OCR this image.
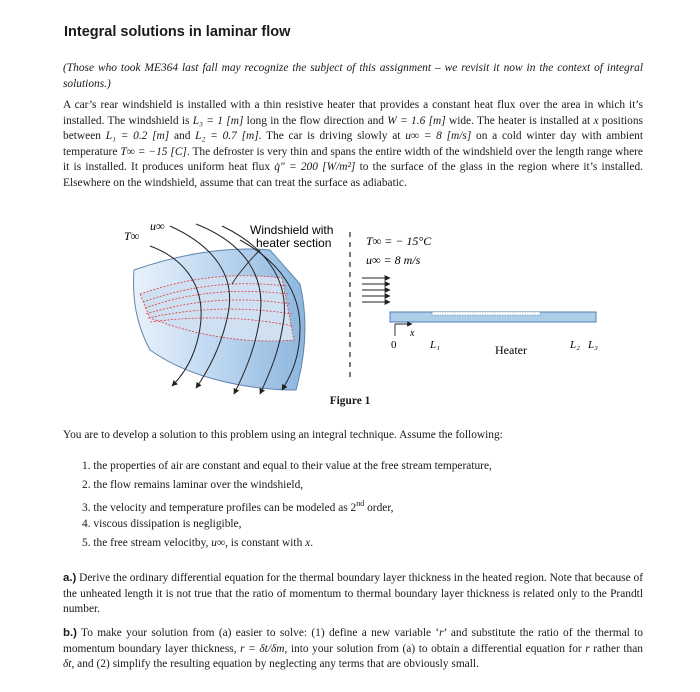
Integral solutions in laminar flow
(Those who took ME364 last fall may recognize the subject of this assignment – we revisit it now in the context of integral solutions.)
A car’s rear windshield is installed with a thin resistive heater that provides a constant heat flux over the area in which it’s installed. The windshield is L₃ = 1 [m] long in the flow direction and W = 1.6 [m] wide. The heater is installed at x positions between L₁ = 0.2 [m] and L₂ = 0.7 [m]. The car is driving slowly at u∞ = 8 [m/s] on a cold winter day with ambient temperature T∞ = −15 [C]. The defroster is very thin and spans the entire width of the windshield over the length range where it is installed. It produces uniform heat flux q̇″ = 200 [W/m²] to the surface of the glass in the region where it’s installed. Elsewhere on the windshield, assume that can treat the surface as adiabatic.
T∞
u∞	Windshield with
heater section	T∞ = − 15°C
u∞ = 8 m/s
0
x
L₁	Heater	L₂ L₃
Figure 1
You are to develop a solution to this problem using an integral technique. Assume the following:
1. the properties of air are constant and equal to their value at the free stream temperature,
2. the flow remains laminar over the windshield,
3. the velocity and temperature profiles can be modeled as 2nd order,
4. viscous dissipation is negligible,
5. the free stream velocitby, u∞, is constant with x.
a.) Derive the ordinary differential equation for the thermal boundary layer thickness in the heated region. Note that because of the unheated length it is not true that the ratio of momentum to thermal boundary layer thickness is related only to the Prandtl number.
b.) To make your solution from (a) easier to solve: (1) define a new variable ‘r’ and substitute the ratio of the thermal to momentum boundary layer thickness, r = δt/δm, into your solution from (a) to obtain a differential equation for r rather than δt, and (2) simplify the resulting equation by neglecting any terms that are obviously small.
